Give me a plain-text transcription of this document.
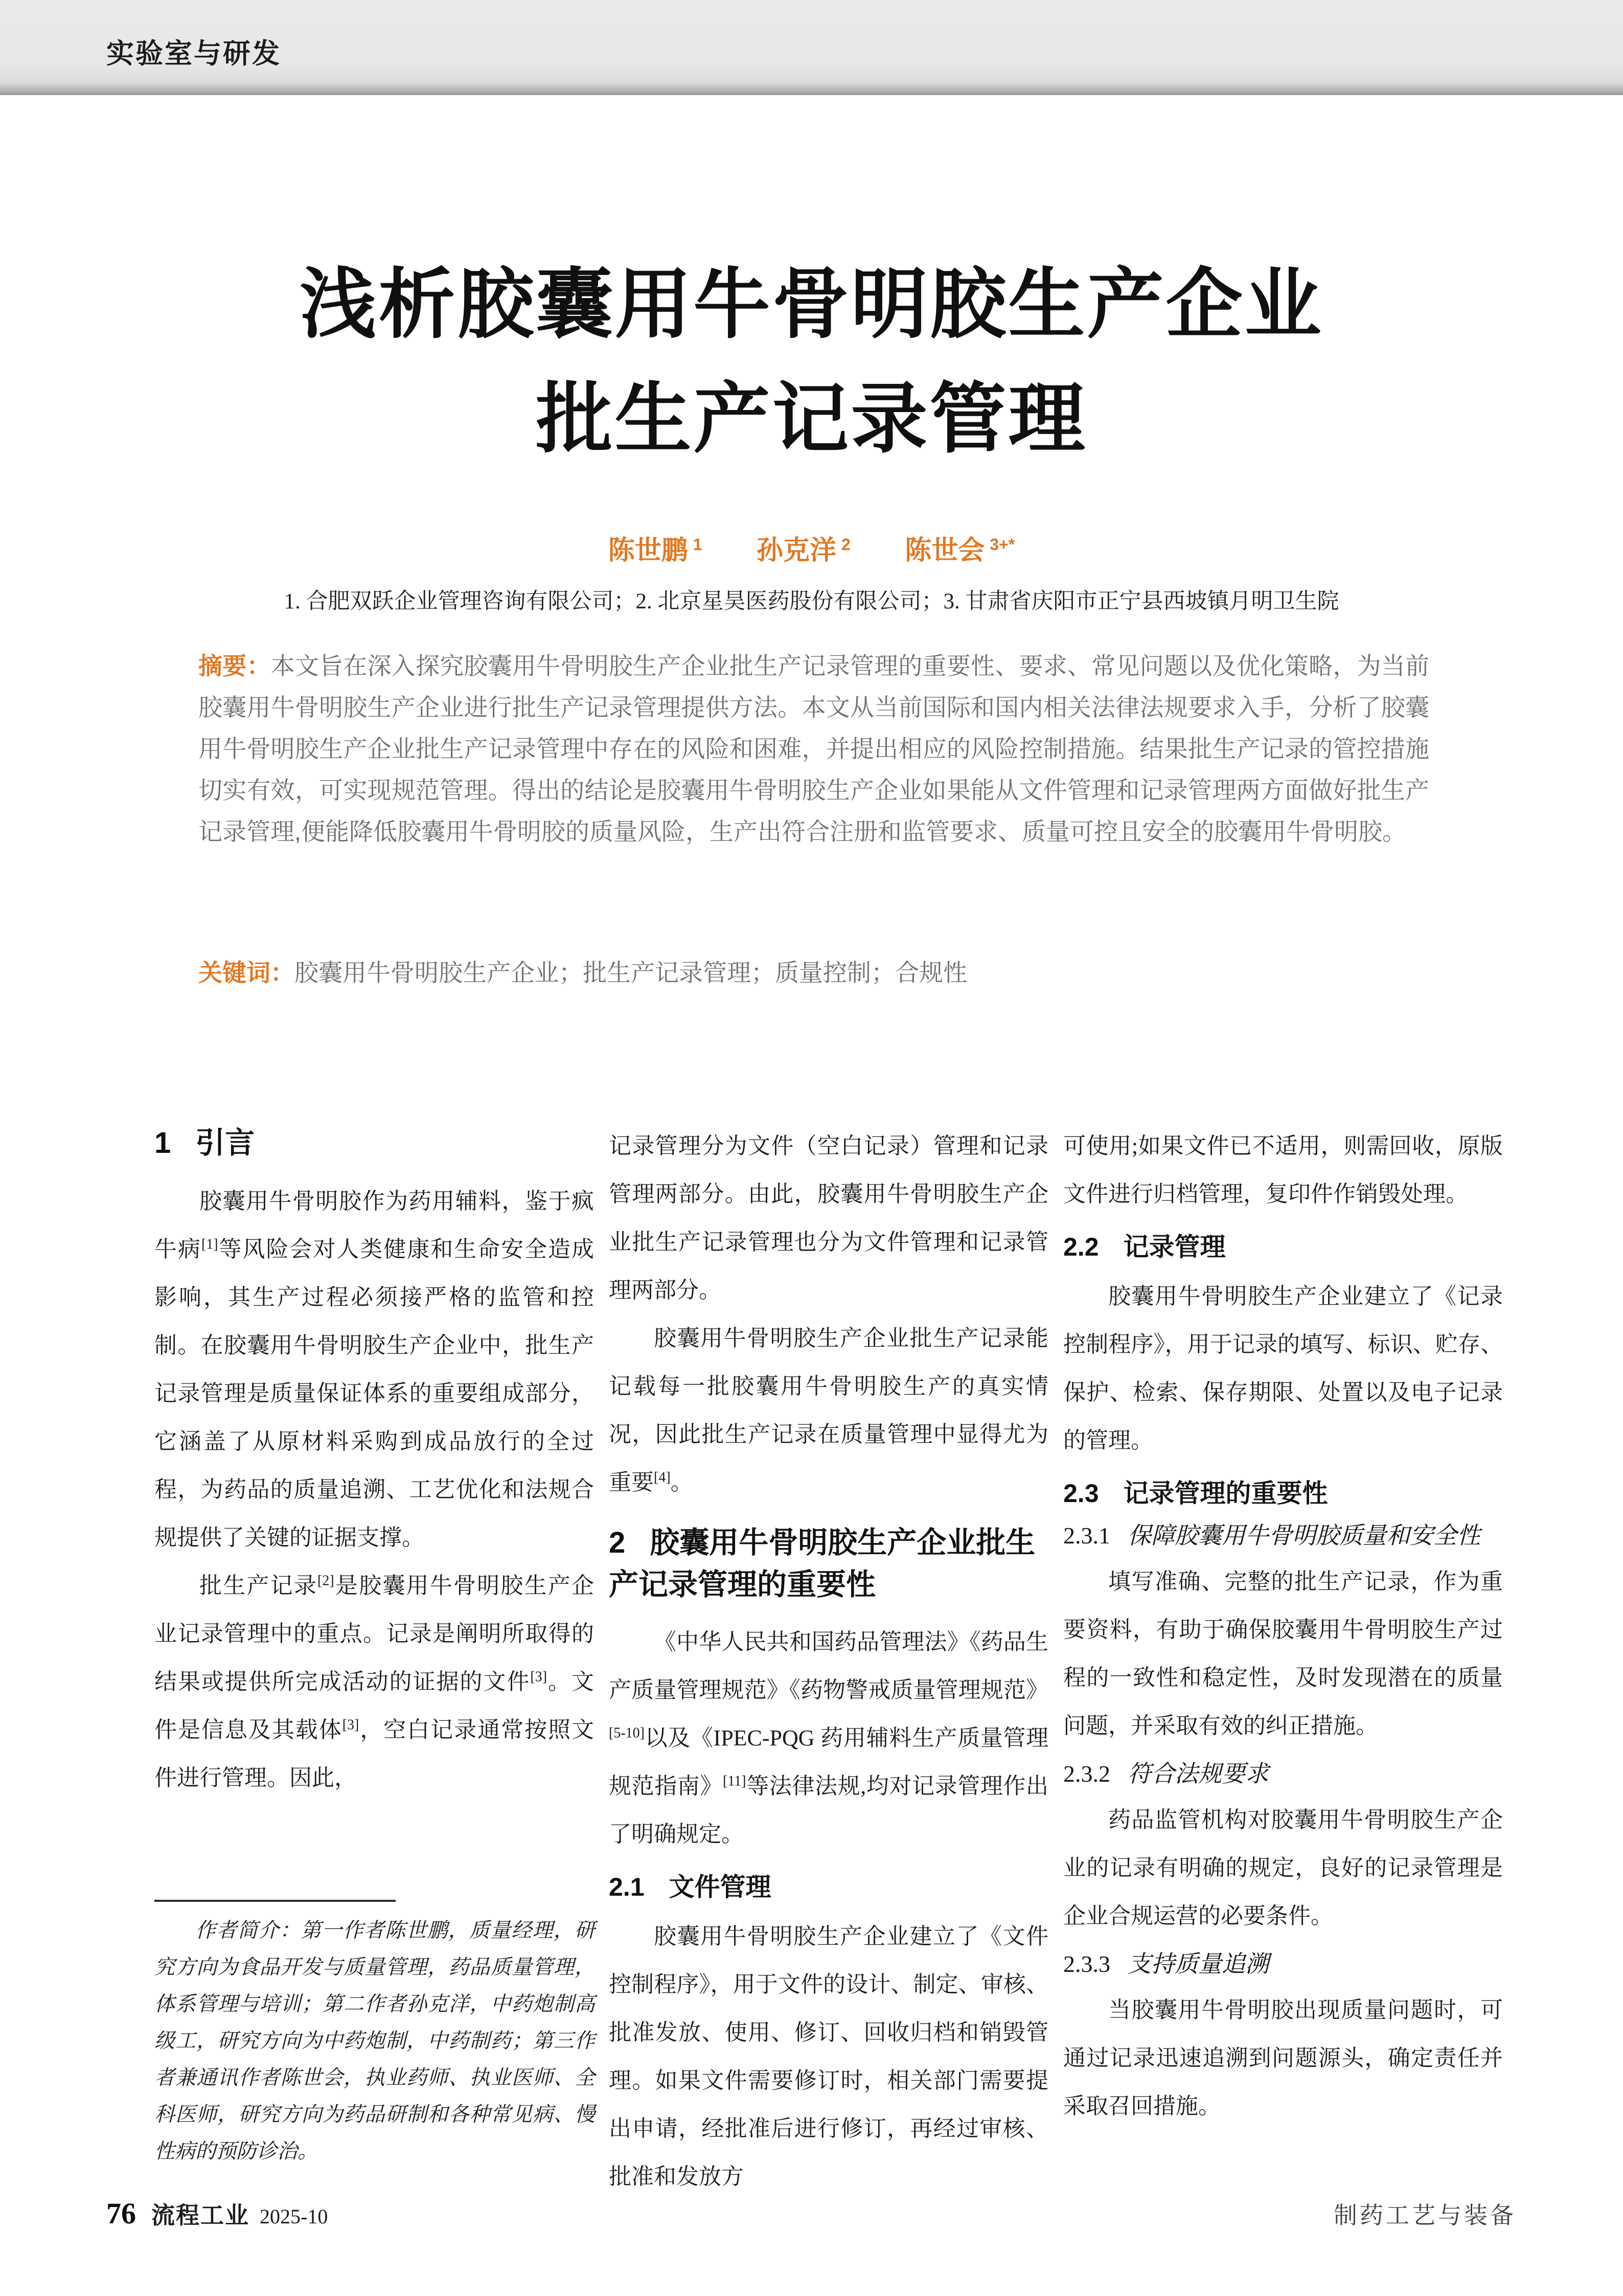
实验室与研发
浅析胶囊用牛骨明胶生产企业
批生产记录管理
陈世鹏 $^1$ 孙克洋 $^2$ 陈世会 $^{3+*}$
1. 合肥双跃企业管理咨询有限公司；2. 北京星昊医药股份有限公司；3. 甘肃省庆阳市正宁县西坡镇月明卫生院

摘要：本文旨在深入探究胶囊用牛骨明胶生产企业批生产记录管理的重要性、要求、常见问题以及优化策略，为当前胶囊用牛骨明胶生产企业进行批生产记录管理提供方法。本文从当前国际和国内相关法律法规要求入手，分析了胶囊用牛骨明胶生产企业批生产记录管理中存在的风险和困难，并提出相应的风险控制措施。结果批生产记录的管控措施切实有效，可实现规范管理。得出的结论是胶囊用牛骨明胶生产企业如果能从文件管理和记录管理两方面做好批生产记录管理,便能降低胶囊用牛骨明胶的质量风险，生产出符合注册和监管要求、质量可控且安全的胶囊用牛骨明胶。

关键词：胶囊用牛骨明胶生产企业；批生产记录管理；质量控制；合规性

1 引言

胶囊用牛骨明胶作为药用辅料，鉴于疯牛病[1]等风险会对人类健康和生命安全造成影响，其生产过程必须接严格的监管和控制。在胶囊用牛骨明胶生产企业中，批生产记录管理是质量保证体系的重要组成部分，它涵盖了从原材料采购到成品放行的全过程，为药品的质量追溯、工艺优化和法规合规提供了关键的证据支撑。

批生产记录[2]是胶囊用牛骨明胶生产企业记录管理中的重点。记录是阐明所取得的结果或提供所完成活动的证据的文件[3]。文件是信息及其载体[3]，空白记录通常按照文件进行管理。因此，

记录管理分为文件（空白记录）管理和记录管理两部分。由此，胶囊用牛骨明胶生产企业批生产记录管理也分为文件管理和记录管理两部分。

胶囊用牛骨明胶生产企业批生产记录能记载每一批胶囊用牛骨明胶生产的真实情况，因此批生产记录在质量管理中显得尤为重要[4]。

2 胶囊用牛骨明胶生产企业批生产记录管理的重要性

《中华人民共和国药品管理法》《药品生产质量管理规范》《药物警戒质量管理规范》[5-10]以及《IPEC-PQG 药用辅料生产质量管理规范指南》[11]等法律法规,均对记录管理作出了明确规定。

2.1 文件管理

胶囊用牛骨明胶生产企业建立了《文件控制程序》，用于文件的设计、制定、审核、批准发放、使用、修订、回收归档和销毁管理。如果文件需要修订时，相关部门需要提出申请，经批准后进行修订，再经过审核、批准和发放方

可使用;如果文件已不适用，则需回收，原版文件进行归档管理，复印件作销毁处理。

2.2 记录管理

胶囊用牛骨明胶生产企业建立了《记录控制程序》，用于记录的填写、标识、贮存、保护、检索、保存期限、处置以及电子记录的管理。

2.3 记录管理的重要性
2.3.1 保障胶囊用牛骨明胶质量和安全性

填写准确、完整的批生产记录，作为重要资料，有助于确保胶囊用牛骨明胶生产过程的一致性和稳定性，及时发现潜在的质量问题，并采取有效的纠正措施。

2.3.2 符合法规要求

药品监管机构对胶囊用牛骨明胶生产企业的记录有明确的规定，良好的记录管理是企业合规运营的必要条件。

2.3.3 支持质量追溯

当胶囊用牛骨明胶出现质量问题时，可通过记录迅速追溯到问题源头，确定责任并采取召回措施。

作者简介：第一作者陈世鹏，质量经理，研究方向为食品开发与质量管理，药品质量管理，体系管理与培训；第二作者孙克洋，中药炮制高级工，研究方向为中药炮制，中药制药；第三作者兼通讯作者陈世会，执业药师、执业医师、全科医师，研究方向为药品研制和各种常见病、慢性病的预防诊治。

76 流程工业 2025-10	制药工艺与装备
